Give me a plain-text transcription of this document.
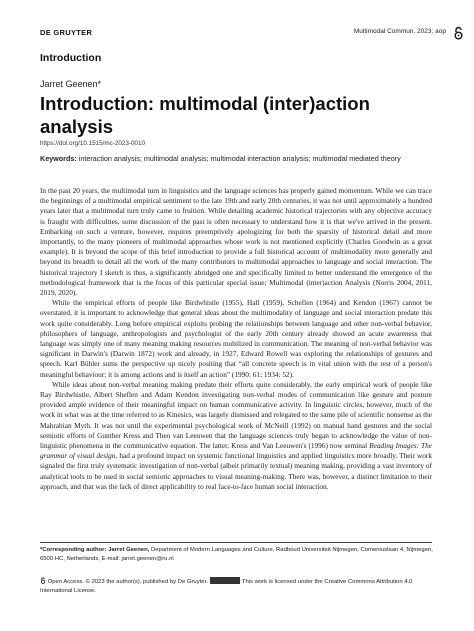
DE GRUYTER	Multimodal Commun. 2023; aop
Introduction
Jarret Geenen*
Introduction: multimodal (inter)action analysis
https://doi.org/10.1515/mc-2023-0010
Keywords: interaction analysis; multimodal analysis; multimodal interaction analysis; multimodal mediated theory

In the past 20 years, the multimodal turn in linguistics and the language sciences has properly gained momentum. While we can trace the beginnings of a multimodal empirical sentiment to the late 19th and early 20th centuries, it was not until approximately a hundred years later that a multimodal turn truly came to fruition. While detailing academic historical trajectories with any objective accuracy is fraught with difficulties, some discussion of the past is often necessary to understand how it is that we've arrived in the present. Embarking on such a venture, however, requires preemptively apologizing for both the sparsity of historical detail and more importantly, to the many pioneers of multimodal approaches whose work is not mentioned explicitly (Charles Goodwin as a great example). It is beyond the scope of this brief introduction to provide a full historical account of multimodality more generally and beyond its breadth to detail all the work of the many contributors to multimodal approaches to language and social interaction. The historical trajectory I sketch is thus, a significantly abridged one and specifically limited to better understand the emergence of the methodological framework that is the focus of this particular special issue; Multimodal (inter)action Analysis (Norris 2004, 2011, 2019, 2020).

While the empirical efforts of people like Birdwhistle (1955), Hall (1959), Scheflen (1964) and Kendon (1967) cannot be overstated, it is important to acknowledge that general ideas about the multimodality of language and social interaction predate this work quite considerably. Long before empirical exploits probing the relationships between language and other non-verbal behavior, philosophers of language, anthropologists and psychologist of the early 20th century already showed an acute awareness that language was simply one of many meaning making resources mobilized in communication. The meaning of non-verbal behavior was significant in Darwin's (Darwin 1872) work and already, in 1927, Edward Rowell was exploring the relationships of gestures and speech. Karl Bühler sums the perspective up nicely positing that “all concrete speech is in vital union with the rest of a person's meaningful behaviour; it is among actions and is itself an action” (1990: 61; 1934: 52).

While ideas about non-verbal meaning making predate their efforts quite considerably, the early empirical work of people like Ray Birdwhistle, Albert Sheflen and Adam Kendon investigating non-verbal modes of communication like gesture and posture provided ample evidence of their meaningful impact on human communicative activity. In linguistic circles, however, much of the work in what was at the time referred to as Kinesics, was largely dismissed and relegated to the same pile of scientific nonsense as the Mahrabian Myth. It was not until the experimental psychological work of McNeill (1992) on manual hand gestures and the social semiotic efforts of Gunther Kress and Theo van Leeuwen that the language sciences truly began to acknowledge the value of non-linguistic phenomena in the communicative equation. The latter, Kress and Van Leeuwen's (1996) now seminal Reading Images: The grammar of visual design, had a profound impact on systemic functional linguistics and applied linguistics more broadly. Their work signaled the first truly systematic investigation of non-verbal (albeit primarily textual) meaning making, providing a vast inventory of analytical tools to be used in social semiotic approaches to visual meaning-making. There was, however, a distinct limitation to their approach, and that was the lack of direct applicability to real face-to-face human social interaction.

*Corresponding author: Jarret Geenen, Department of Modern Languages and Culture, Radboud Universiteit Nijmegen, Comeniuslaan 4, Nijmegen, 6500 HC, Netherlands, E-mail: jarret.geenen@ru.nl
Open Access. © 2023 the author(s), published by De Gruyter.	This work is licensed under the Creative Commons Attribution 4.0 International License.
